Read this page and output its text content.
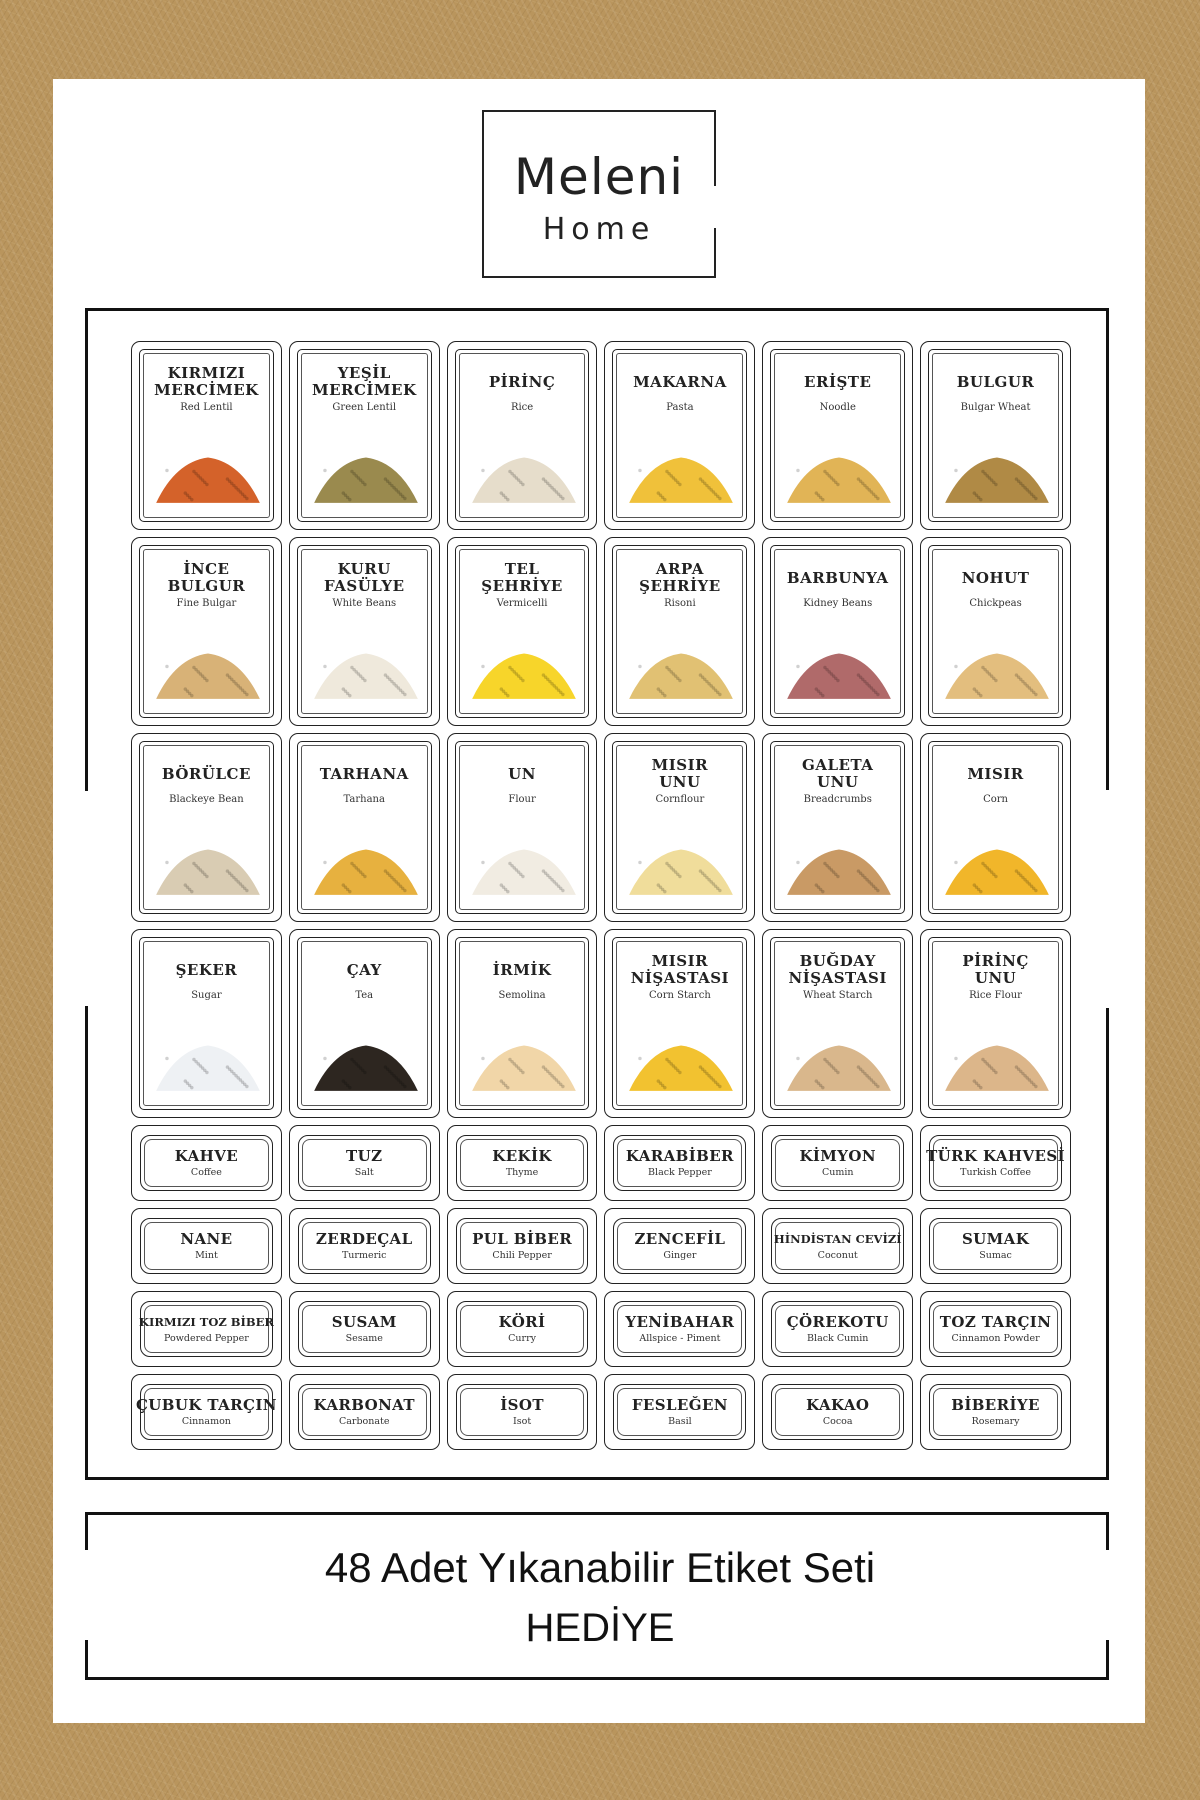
Meleni
Home
KIRMIZI
MERCİMEK
Red Lentil
YEŞİL
MERCİMEK
Green Lentil
PİRİNÇ
Rice
MAKARNA
Pasta
ERİŞTE
Noodle
BULGUR
Bulgar Wheat
İNCE
BULGUR
Fine Bulgar
KURU
FASÜLYE
White Beans
TEL
ŞEHRİYE
Vermicelli
ARPA
ŞEHRİYE
Risoni
BARBUNYA
Kidney Beans
NOHUT
Chickpeas
BÖRÜLCE
Blackeye Bean
TARHANA
Tarhana
UN
Flour
MISIR
UNU
Cornflour
GALETA
UNU
Breadcrumbs
MISIR
Corn
ŞEKER
Sugar
ÇAY
Tea
İRMİK
Semolina
MISIR
NİŞASTASI
Corn Starch
BUĞDAY
NİŞASTASI
Wheat Starch
PİRİNÇ
UNU
Rice Flour
KAHVE
Coffee
TUZ
Salt
KEKİK
Thyme
KARABİBER
Black Pepper
KİMYON
Cumin
TÜRK KAHVESİ
Turkish Coffee
NANE
Mint
ZERDEÇAL
Turmeric
PUL BİBER
Chili Pepper
ZENCEFİL
Ginger
HİNDİSTAN CEVİZİ
Coconut
SUMAK
Sumac
KIRMIZI TOZ BİBER
Powdered Pepper
SUSAM
Sesame
KÖRİ
Curry
YENİBAHAR
Allspice - Piment
ÇÖREKOTU
Black Cumin
TOZ TARÇIN
Cinnamon Powder
ÇUBUK TARÇIN
Cinnamon
KARBONAT
Carbonate
İSOT
Isot
FESLEĞEN
Basil
KAKAO
Cocoa
BİBERİYE
Rosemary
48 Adet Yıkanabilir Etiket Seti
HEDİYE
